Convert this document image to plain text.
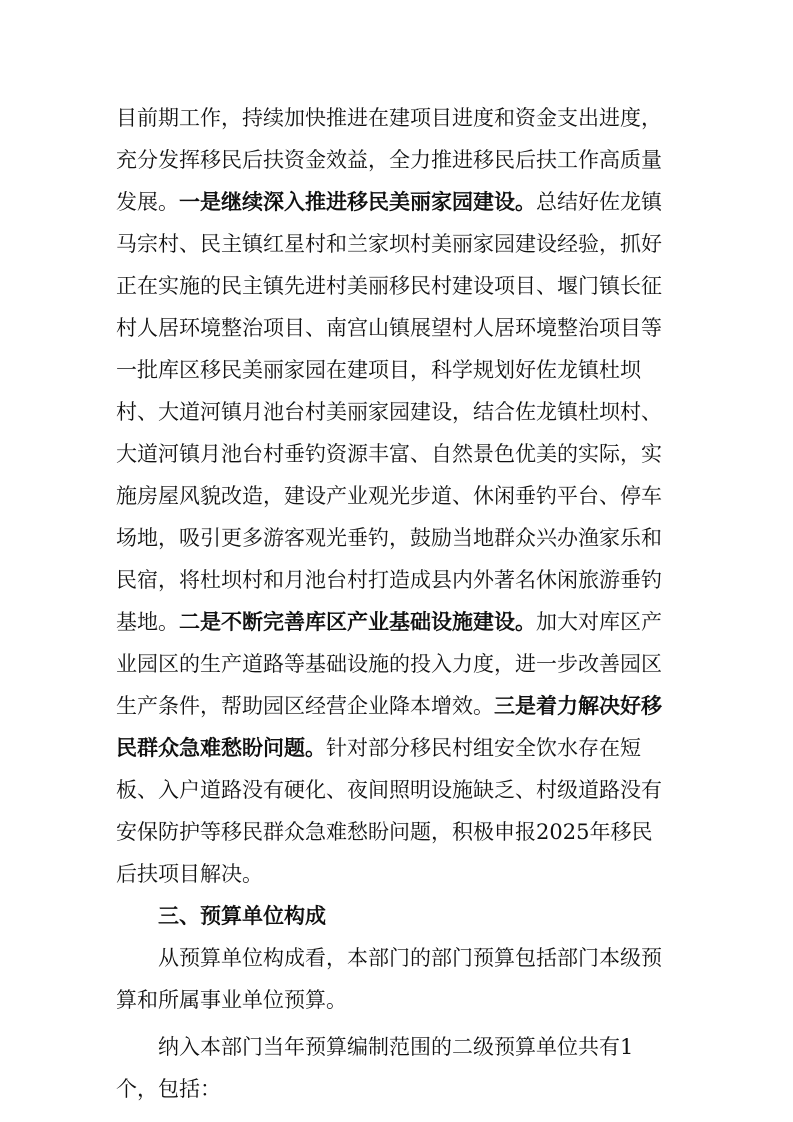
目前期工作，持续加快推进在建项目进度和资金支出进度，
充分发挥移民后扶资金效益，全力推进移民后扶工作高质量
发展。一是继续深入推进移民美丽家园建设。总结好佐龙镇
马宗村、民主镇红星村和兰家坝村美丽家园建设经验，抓好
正在实施的民主镇先进村美丽移民村建设项目、堰门镇长征
村人居环境整治项目、南宫山镇展望村人居环境整治项目等
一批库区移民美丽家园在建项目，科学规划好佐龙镇杜坝
村、大道河镇月池台村美丽家园建设，结合佐龙镇杜坝村、
大道河镇月池台村垂钓资源丰富、自然景色优美的实际，实
施房屋风貌改造，建设产业观光步道、休闲垂钓平台、停车
场地，吸引更多游客观光垂钓，鼓励当地群众兴办渔家乐和
民宿，将杜坝村和月池台村打造成县内外著名休闲旅游垂钓
基地。二是不断完善库区产业基础设施建设。加大对库区产
业园区的生产道路等基础设施的投入力度，进一步改善园区
生产条件，帮助园区经营企业降本增效。三是着力解决好移
民群众急难愁盼问题。针对部分移民村组安全饮水存在短
板、入户道路没有硬化、夜间照明设施缺乏、村级道路没有
安保防护等移民群众急难愁盼问题，积极申报2025年移民
后扶项目解决。
三、预算单位构成
从预算单位构成看，本部门的部门预算包括部门本级预
算和所属事业单位预算。
纳入本部门当年预算编制范围的二级预算单位共有1
个，包括：
